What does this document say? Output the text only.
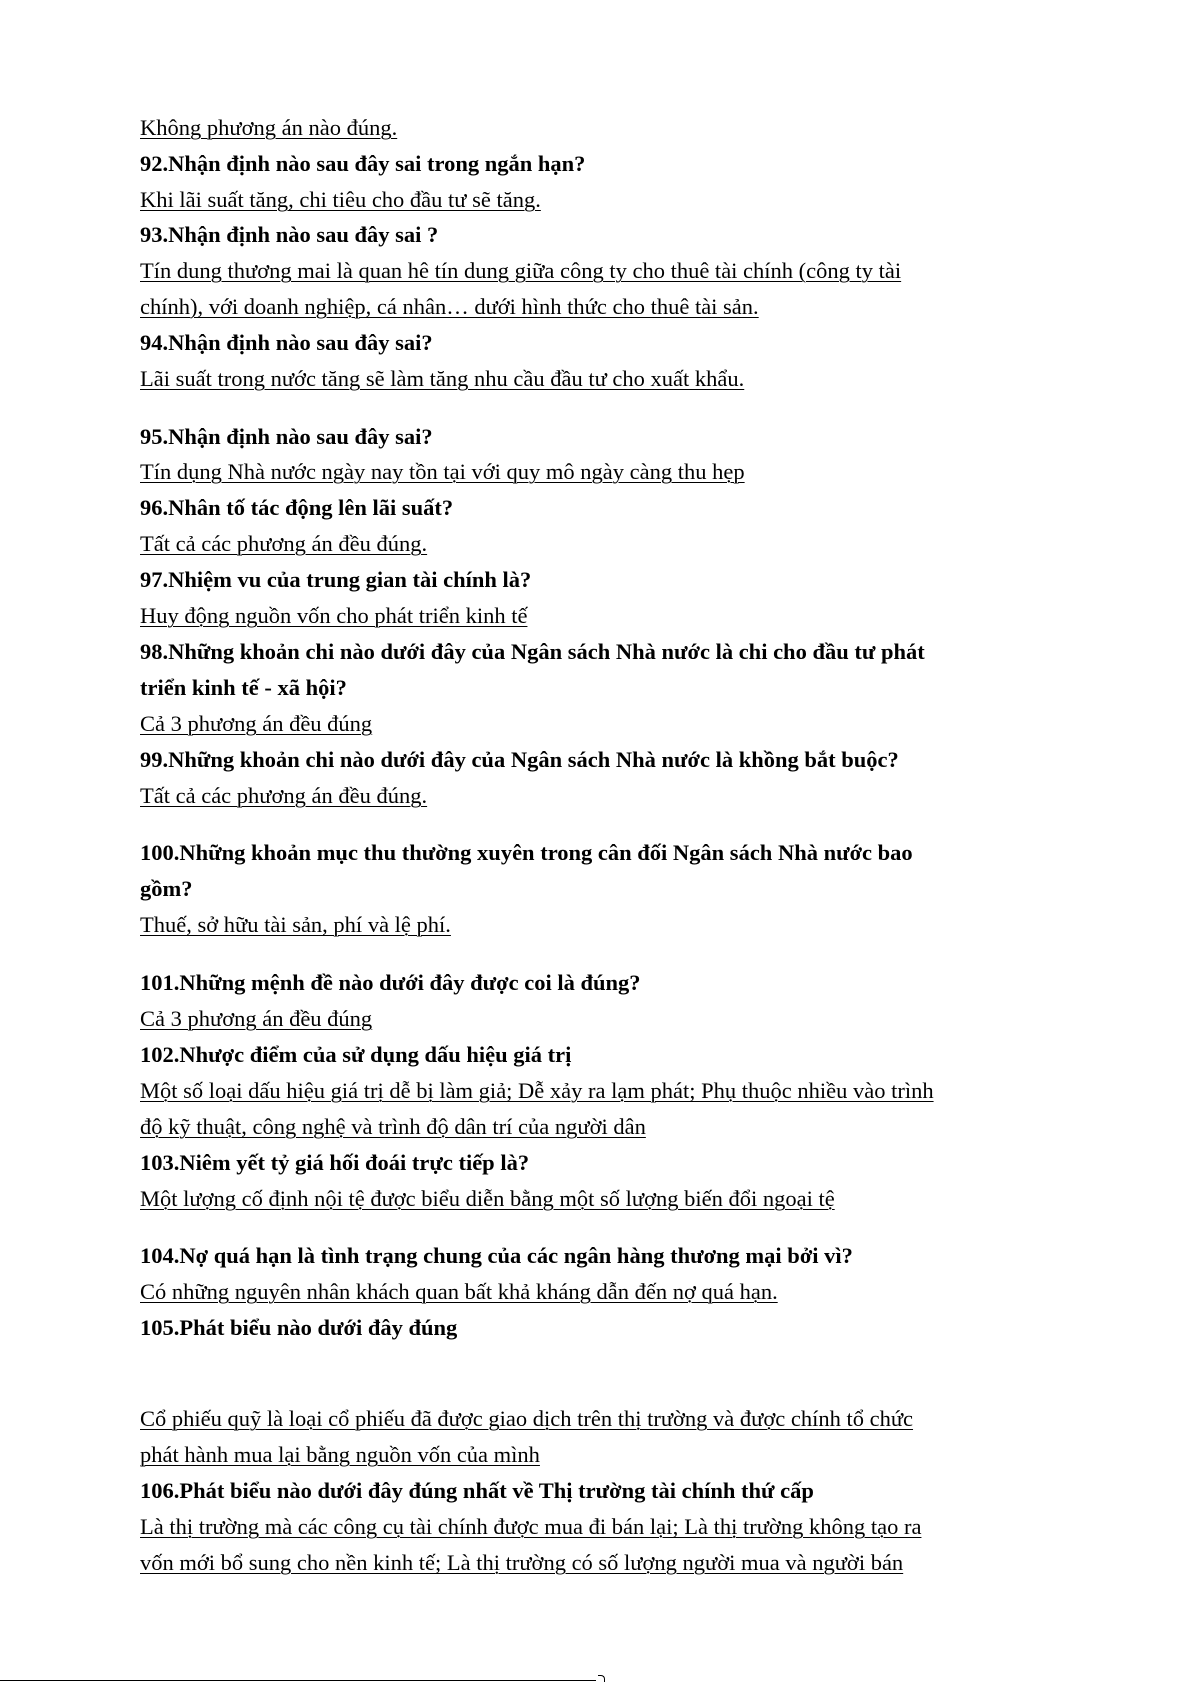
Không phương án nào đúng.

92.Nhận định nào sau đây sai trong ngắn hạn?

Khi lãi suất tăng, chi tiêu cho đầu tư sẽ tăng.

93.Nhận định nào sau đây sai ?

Tín dung thương mai là quan hê tín dung giữa công ty cho thuê tài chính (công ty tài

chính), với doanh nghiệp, cá nhân… dưới hình thức cho thuê tài sản.

94.Nhận định nào sau đây sai?

Lãi suất trong nước tăng sẽ làm tăng nhu cầu đầu tư cho xuất khẩu.

95.Nhận định nào sau đây sai?

Tín dụng Nhà nước ngày nay tồn tại với quy mô ngày càng thu hẹp

96.Nhân tố tác động lên lãi suất?

Tất cả các phương án đều đúng.

97.Nhiệm vu của trung gian tài chính là?

Huy động nguồn vốn cho phát triển kinh tế

98.Những khoản chi nào dưới đây của Ngân sách Nhà nước là chi cho đầu tư phát

triển kinh tế - xã hội?

Cả 3 phương án đều đúng

99.Những khoản chi nào dưới đây của Ngân sách Nhà nước là khồng bắt buộc?

Tất cả các phương án đều đúng.

100.Những khoản mục thu thường xuyên trong cân đối Ngân sách Nhà nước bao

gồm?

Thuế, sở hữu tài sản, phí và lệ phí.

101.Những mệnh đề nào dưới đây được coi là đúng?

Cả 3 phương án đều đúng

102.Nhược điểm của sử dụng dấu hiệu giá trị

Một số loại dấu hiệu giá trị dễ bị làm giả; Dễ xảy ra lạm phát; Phụ thuộc nhiều vào trình

độ kỹ thuật, công nghệ và trình độ dân trí của người dân

103.Niêm yết tỷ giá hối đoái trực tiếp là?

Một lượng cố định nội tệ được biểu diễn bằng một số lượng biến đổi ngoại tệ

104.Nợ quá hạn là tình trạng chung của các ngân hàng thương mại bởi vì?

Có những nguyên nhân khách quan bất khả kháng dẫn đến nợ quá hạn.

105.Phát biểu nào dưới đây đúng

Cổ phiếu quỹ là loại cổ phiếu đã được giao dịch trên thị trường và được chính tổ chức

phát hành mua lại bằng nguồn vốn của mình

106.Phát biểu nào dưới đây đúng nhất về Thị trường tài chính thứ cấp

Là thị trường mà các công cụ tài chính được mua đi bán lại; Là thị trường không tạo ra

vốn mới bổ sung cho nền kinh tế; Là thị trường có số lượng người mua và người bán
